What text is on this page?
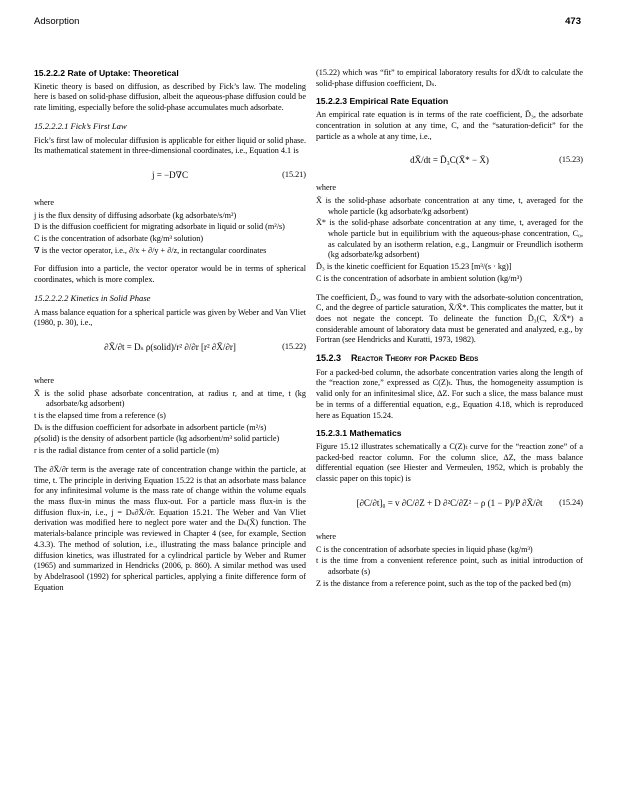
Adsorption	473
15.2.2.2 Rate of Uptake: Theoretical

Kinetic theory is based on diffusion, as described by Fick’s law. The modeling here is based on solid-phase diffusion, albeit the aqueous-phase diffusion could be rate limiting, especially before the solid-phase accumulates much adsorbate.

15.2.2.2.1 Fick’s First Law

Fick’s first law of molecular diffusion is applicable for either liquid or solid phase. Its mathematical statement in three-dimensional coordinates, i.e., Equation 4.1 is

j = −D∇C	(15.21)
where
j is the flux density of diffusing adsorbate (kg adsorbate/s/m²)
D is the diffusion coefficient for migrating adsorbate in liquid or solid (m²/s)
C is the concentration of adsorbate (kg/m³ solution)
∇ is the vector operator, i.e., ∂/x + ∂/y + ∂/z, in rectangular coordinates

For diffusion into a particle, the vector operator would be in terms of spherical coordinates, which is more complex.

15.2.2.2.2 Kinetics in Solid Phase

A mass balance equation for a spherical particle was given by Weber and Van Vliet (1980, p. 30), i.e.,

∂X̄/∂t = Dₛ ρ(solid)/r² ∂/∂r [r² ∂X̄/∂r]	(15.22)
where
X̄ is the solid phase adsorbate concentration, at radius r, and at time, t (kg adsorbate/kg adsorbent)
t is the elapsed time from a reference (s)
Dₛ is the diffusion coefficient for adsorbate in adsorbent particle (m²/s)
ρ(solid) is the density of adsorbent particle (kg adsorbent/m³ solid particle)
r is the radial distance from center of a solid particle (m)

The ∂X̄/∂r term is the average rate of concentration change within the particle, at time, t. The principle in deriving Equation 15.22 is that an adsorbate mass balance for any infinitesimal volume is the mass rate of change within the volume equals the mass flux-in minus the mass flux-out. For a particle mass flux-in is the diffusion flux-in, i.e., j = Dₛ∂X̄/∂r. Equation 15.21. The Weber and Van Vliet derivation was modified here to neglect pore water and the Dₛ(X̄) function. The materials-balance principle was reviewed in Chapter 4 (see, for example, Section 4.3.3). The method of solution, i.e., illustrating the mass balance principle and diffusion kinetics, was illustrated for a cylindrical particle by Weber and Rumer (1965) and summarized in Hendricks (2006, p. 860). A similar method was used by Abdelrasool (1992) for spherical particles, applying a finite difference form of Equation

(15.22) which was “fit” to empirical laboratory results for dX̄/dt to calculate the solid-phase diffusion coefficient, Dₛ.

15.2.2.3 Empirical Rate Equation

An empirical rate equation is in terms of the rate coefficient, D̄₃, the adsorbate concentration in solution at any time, C, and the “saturation-deficit” for the particle as a whole at any time, i.e.,

dX̄/dt = D̄₃C(X̄* − X̄)	(15.23)
where
X̄ is the solid-phase adsorbate concentration at any time, t, averaged for the whole particle (kg adsorbate/kg adsorbent)
X̄* is the solid-phase adsorbate concentration at any time, t, averaged for the whole particle but in equilibrium with the aqueous-phase concentration, C₀, as calculated by an isotherm relation, e.g., Langmuir or Freundlich isotherm (kg adsorbate/kg adsorbent)
D̄₃ is the kinetic coefficient for Equation 15.23 [m³/(s · kg)]
C is the concentration of adsorbate in ambient solution (kg/m³)

The coefficient, D̄₃, was found to vary with the adsorbate-solution concentration, C, and the degree of particle saturation, X̄/X̄*. This complicates the matter, but it does not negate the concept. To delineate the function D̄₃(C, X̄/X̄*) a considerable amount of laboratory data must be generated and analyzed, e.g., by Fortran (see Hendricks and Kuratti, 1973, 1982).

15.2.3 Reactor Theory for Packed Beds

For a packed-bed column, the adsorbate concentration varies along the length of the “reaction zone,” expressed as C(Z)ₜ. Thus, the homogeneity assumption is valid only for an infinitesimal slice, ΔZ. For such a slice, the mass balance must be in terms of a differential equation, e.g., Equation 4.18, which is reproduced here as Equation 15.24.

15.2.3.1 Mathematics

Figure 15.12 illustrates schematically a C(Z)ₜ curve for the “reaction zone” of a packed-bed reactor column. For the column slice, ΔZ, the mass balance differential equation (see Hiester and Vermeulen, 1952, which is probably the classic paper on this topic) is

[∂C/∂t]₀ = v ∂C/∂Z + D ∂²C/∂Z² − ρ (1 − P)/P ∂X̄/∂t	(15.24)
where
C is the concentration of adsorbate species in liquid phase (kg/m³)
t is the time from a convenient reference point, such as initial introduction of adsorbate (s)
Z is the distance from a reference point, such as the top of the packed bed (m)
